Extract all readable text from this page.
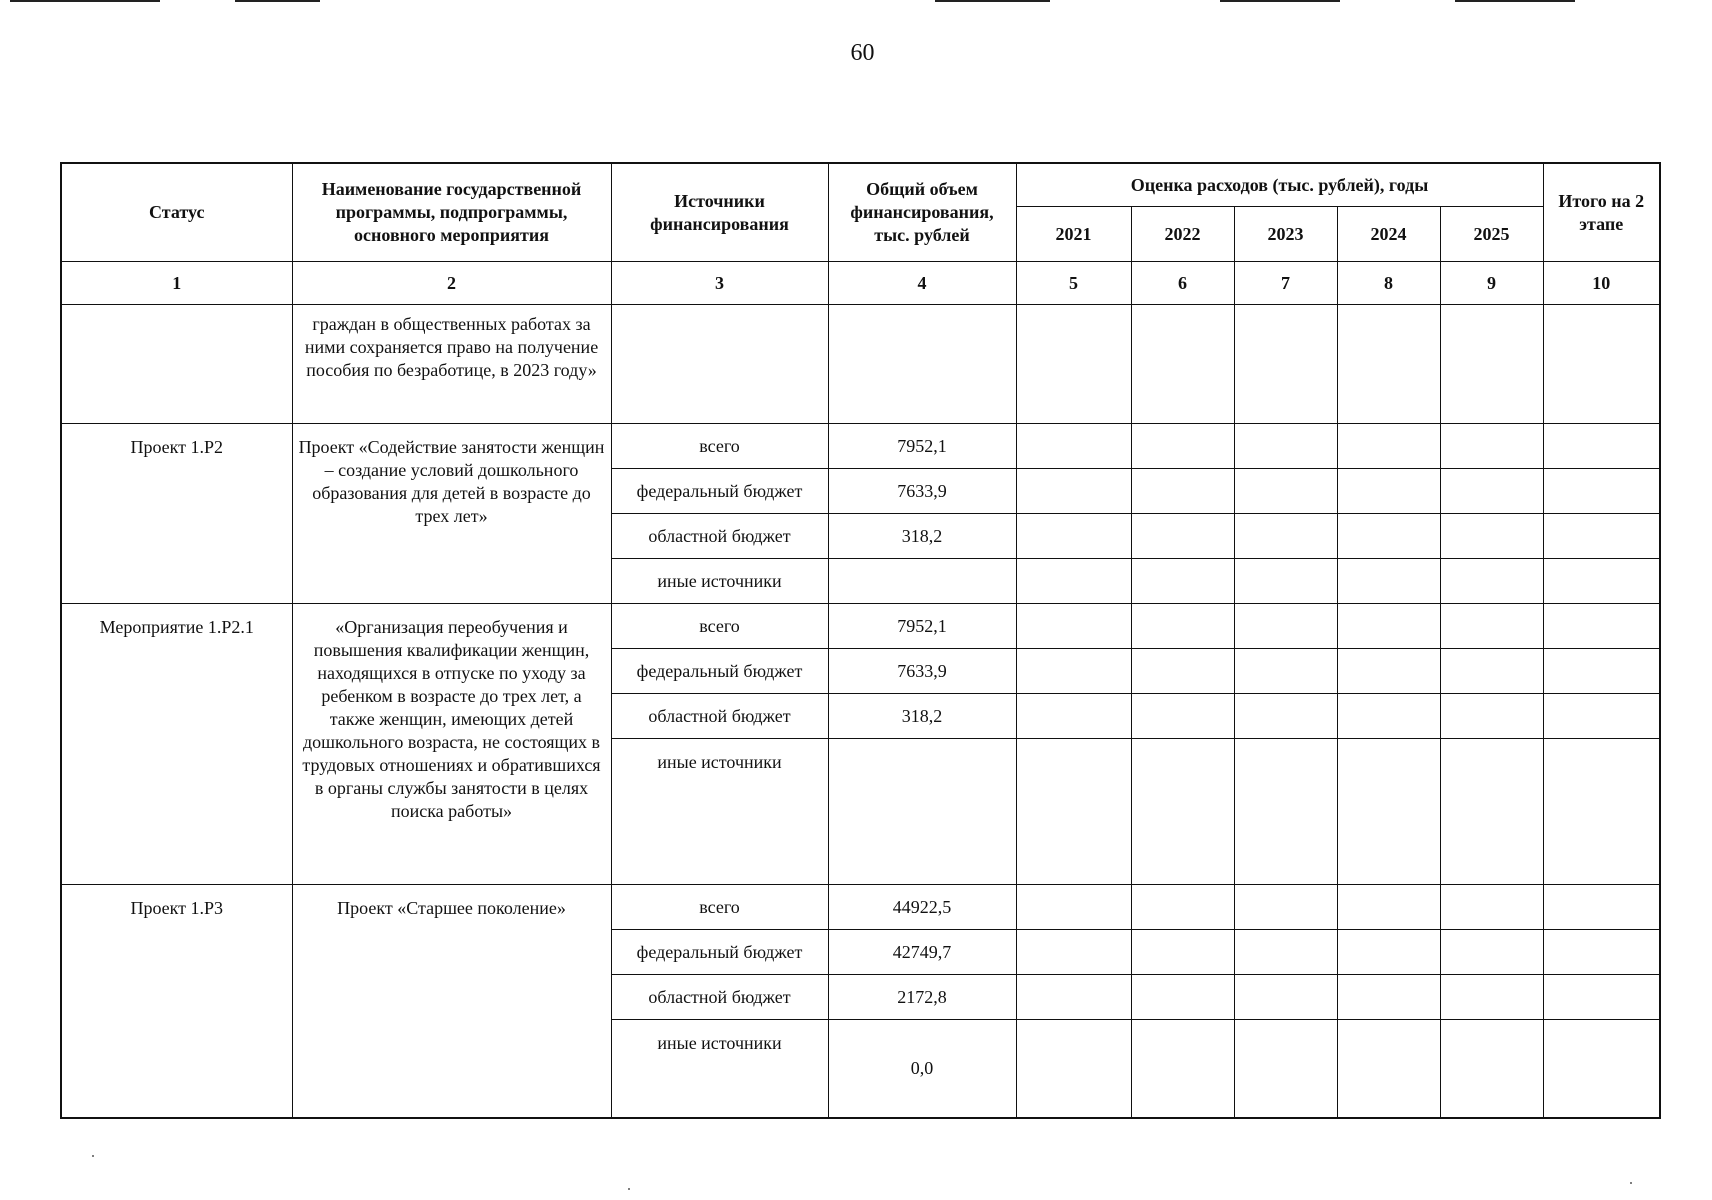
60
Статус	Наименование государственной программы, подпрограммы, основного мероприятия	Источники финансирования	Общий объем финансирования, тыс. рублей	Оценка расходов (тыс. рублей), годы					Итого на 2 этапе
				2021	2022	2023	2024	2025	
1	2	3	4	5	6	7	8	9	10
	граждан в общественных работах за ними сохраняется право на получение пособия по безработице, в 2023 году»								
Проект 1.Р2	Проект «Содействие занятости женщин – создание условий дошкольного образования для детей в возрасте до трех лет»	всего	7952,1						
		федеральный бюджет	7633,9						
		областной бюджет	318,2						
		иные источники							
Мероприятие 1.Р2.1	«Организация переобучения и повышения квалификации женщин, находящихся в отпуске по уходу за ребенком в возрасте до трех лет, а также женщин, имеющих детей дошкольного возраста, не состоящих в трудовых отношениях и обратившихся в органы службы занятости в целях поиска работы»	всего	7952,1						
		федеральный бюджет	7633,9						
		областной бюджет	318,2						
		иные источники							
Проект 1.Р3	Проект «Старшее поколение»	всего	44922,5						
		федеральный бюджет	42749,7						
		областной бюджет	2172,8						
		иные источники	0,0						
